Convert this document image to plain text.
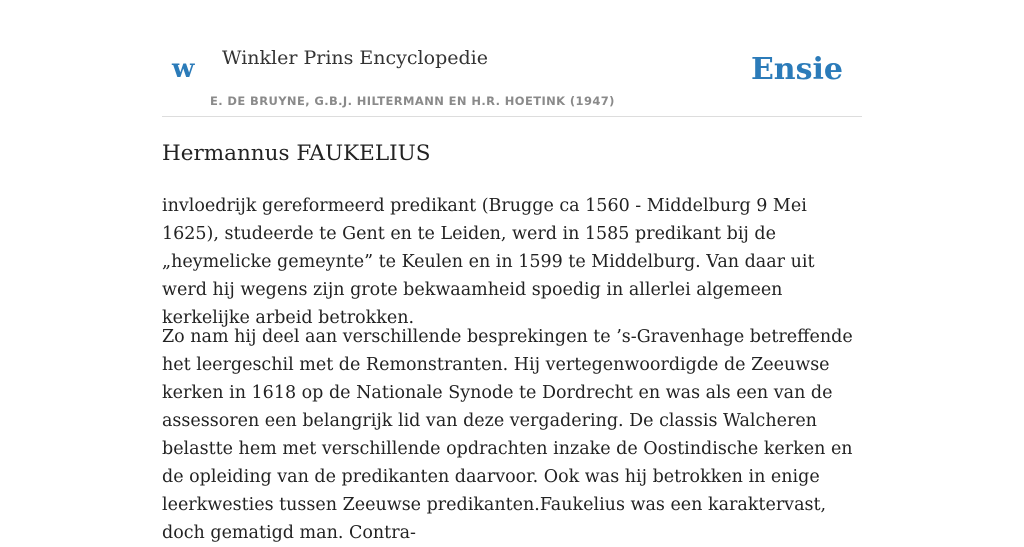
w Winkler Prins Encyclopedie
E. DE BRUYNE, G.B.J. HILTERMANN EN H.R. HOETINK (1947)
Ensie
Hermannus FAUKELIUS

invloedrijk gereformeerd predikant (Brugge ca 1560 - Middelburg 9 Mei 1625), studeerde te Gent en te Leiden, werd in 1585 predikant bij de „heymelicke gemeynte” te Keulen en in 1599 te Middelburg. Van daar uit werd hij wegens zijn grote bekwaamheid spoedig in allerlei algemeen kerkelijke arbeid betrokken.

Zo nam hij deel aan verschillende besprekingen te ’s-Gravenhage betreffende het leergeschil met de Remonstranten. Hij vertegenwoordigde de Zeeuwse kerken in 1618 op de Nationale Synode te Dordrecht en was als een van de assessoren een belangrijk lid van deze vergadering. De classis Walcheren belastte hem met verschillende opdrachten inzake de Oostindische kerken en de opleiding van de predikanten daarvoor. Ook was hij betrokken in enige leerkwesties tussen Zeeuwse predikanten.Faukelius was een karaktervast, doch gematigd man. Contra-
